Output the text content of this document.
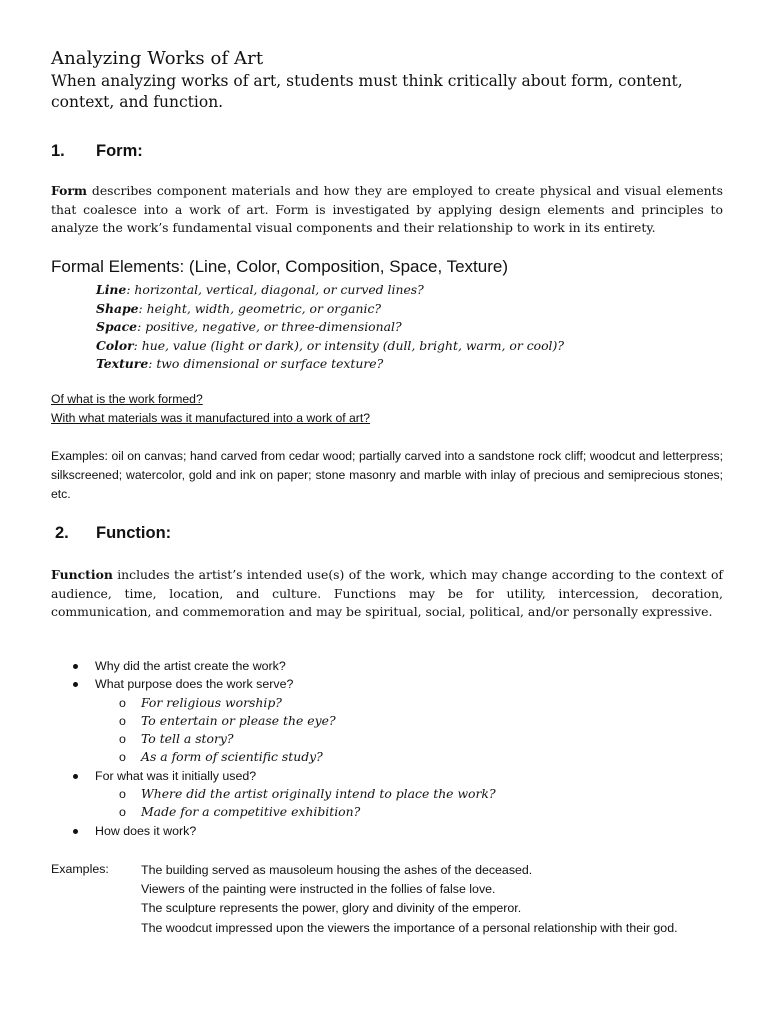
Analyzing Works of Art
When analyzing works of art, students must think critically about form, content, context, and function.
1. Form:
Form describes component materials and how they are employed to create physical and visual elements that coalesce into a work of art. Form is investigated by applying design elements and principles to analyze the work’s fundamental visual components and their relationship to work in its entirety.
Formal Elements: (Line, Color, Composition, Space, Texture)
Line: horizontal, vertical, diagonal, or curved lines?
Shape: height, width, geometric, or organic?
Space: positive, negative, or three-dimensional?
Color: hue, value (light or dark), or intensity (dull, bright, warm, or cool)?
Texture: two dimensional or surface texture?
Of what is the work formed?
With what materials was it manufactured into a work of art?
Examples: oil on canvas; hand carved from cedar wood; partially carved into a sandstone rock cliff; woodcut and letterpress; silkscreened; watercolor, gold and ink on paper; stone masonry and marble with inlay of precious and semiprecious stones; etc.
2. Function:
Function includes the artist’s intended use(s) of the work, which may change according to the context of audience, time, location, and culture. Functions may be for utility, intercession, decoration, communication, and commemoration and may be spiritual, social, political, and/or personally expressive.
Why did the artist create the work?
What purpose does the work serve?
o For religious worship?
o To entertain or please the eye?
o To tell a story?
o As a form of scientific study?
For what was it initially used?
o Where did the artist originally intend to place the work?
o Made for a competitive exhibition?
How does it work?
Examples:	The building served as mausoleum housing the ashes of the deceased.
Viewers of the painting were instructed in the follies of false love.
The sculpture represents the power, glory and divinity of the emperor.
The woodcut impressed upon the viewers the importance of a personal relationship with their god.
